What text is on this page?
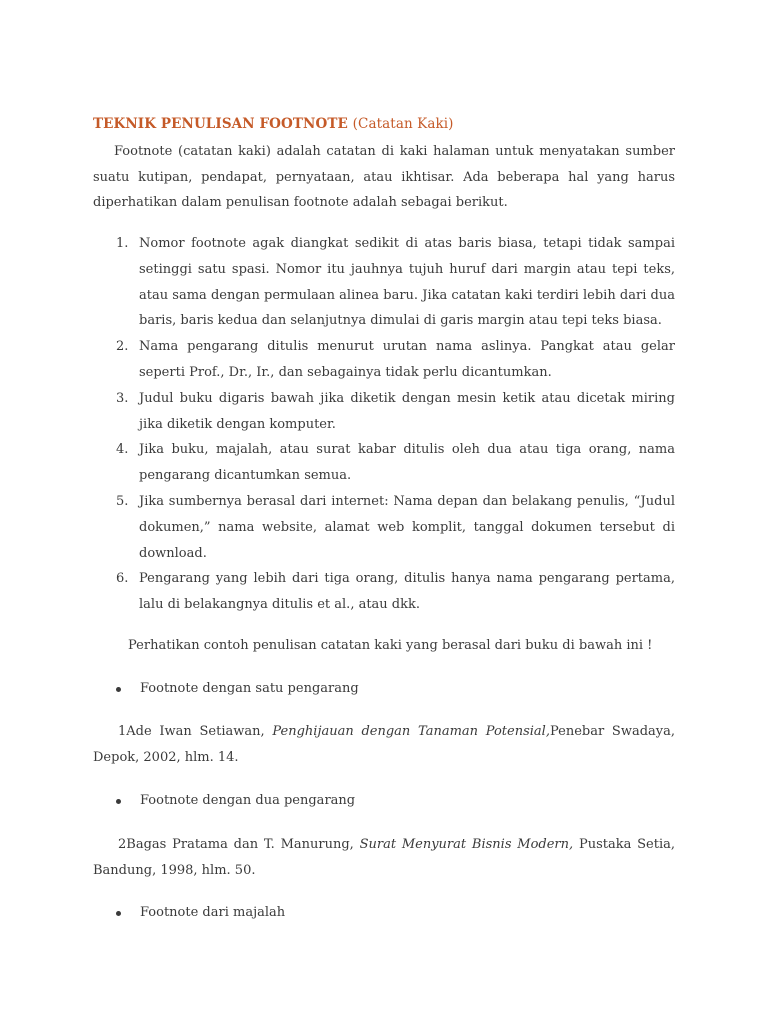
TEKNIK PENULISAN FOOTNOTE (Catatan Kaki)
Footnote (catatan kaki) adalah catatan di kaki halaman untuk menyatakan sumber suatu kutipan, pendapat, pernyataan, atau ikhtisar. Ada beberapa hal yang harus diperhatikan dalam penulisan footnote adalah sebagai berikut.
1. Nomor footnote agak diangkat sedikit di atas baris biasa, tetapi tidak sampai setinggi satu spasi. Nomor itu jauhnya tujuh huruf dari margin atau tepi teks, atau sama dengan permulaan alinea baru. Jika catatan kaki terdiri lebih dari dua baris, baris kedua dan selanjutnya dimulai di garis margin atau tepi teks biasa.
2. Nama pengarang ditulis menurut urutan nama aslinya. Pangkat atau gelar seperti Prof., Dr., Ir., dan sebagainya tidak perlu dicantumkan.
3. Judul buku digaris bawah jika diketik dengan mesin ketik atau dicetak miring jika diketik dengan komputer.
4. Jika buku, majalah, atau surat kabar ditulis oleh dua atau tiga orang, nama pengarang dicantumkan semua.
5. Jika sumbernya berasal dari internet: Nama depan dan belakang penulis, “Judul dokumen,” nama website, alamat web komplit, tanggal dokumen tersebut di download.
6. Pengarang yang lebih dari tiga orang, ditulis hanya nama pengarang pertama, lalu di belakangnya ditulis et al., atau dkk.
Perhatikan contoh penulisan catatan kaki yang berasal dari buku di bawah ini !
Footnote dengan satu pengarang
1Ade Iwan Setiawan, Penghijauan dengan Tanaman Potensial,Penebar Swadaya, Depok, 2002, hlm. 14.
Footnote dengan dua pengarang
2Bagas Pratama dan T. Manurung, Surat Menyurat Bisnis Modern, Pustaka Setia, Bandung, 1998, hlm. 50.
Footnote dari majalah
